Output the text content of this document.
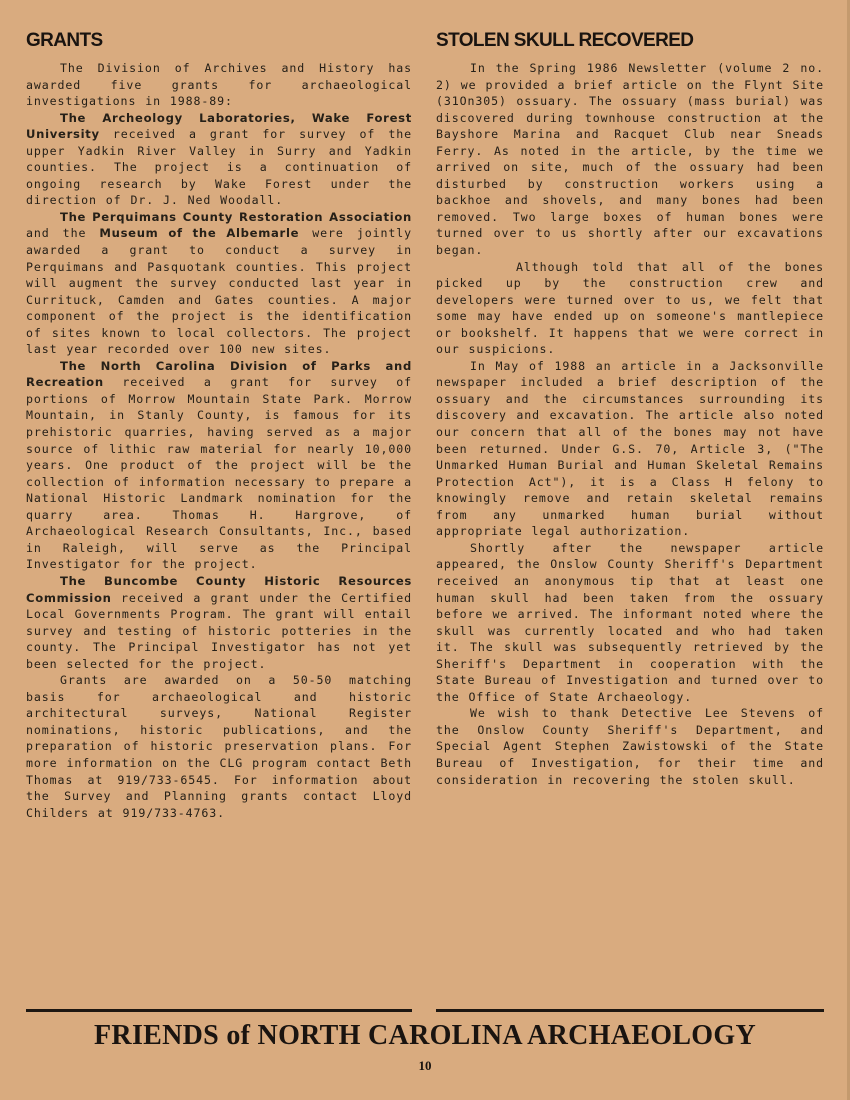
GRANTS

The Division of Archives and History has awarded five grants for archaeological investigations in 1988-89:

The Archeology Laboratories, Wake Forest University received a grant for survey of the upper Yadkin River Valley in Surry and Yadkin counties. The project is a continuation of ongoing research by Wake Forest under the direction of Dr. J. Ned Woodall.

The Perquimans County Restoration Association and the Museum of the Albemarle were jointly awarded a grant to conduct a survey in Perquimans and Pasquotank counties. This project will augment the survey conducted last year in Currituck, Camden and Gates counties. A major component of the project is the identification of sites known to local collectors. The project last year recorded over 100 new sites.

The North Carolina Division of Parks and Recreation received a grant for survey of portions of Morrow Mountain State Park. Morrow Mountain, in Stanly County, is famous for its prehistoric quarries, having served as a major source of lithic raw material for nearly 10,000 years. One product of the project will be the collection of information necessary to prepare a National Historic Landmark nomination for the quarry area. Thomas H. Hargrove, of Archaeological Research Consultants, Inc., based in Raleigh, will serve as the Principal Investigator for the project.

The Buncombe County Historic Resources Commission received a grant under the Certified Local Governments Program. The grant will entail survey and testing of historic potteries in the county. The Principal Investigator has not yet been selected for the project.

Grants are awarded on a 50-50 matching basis for archaeological and historic architectural surveys, National Register nominations, historic publications, and the preparation of historic preservation plans. For more information on the CLG program contact Beth Thomas at 919/733-6545. For information about the Survey and Planning grants contact Lloyd Childers at 919/733-4763.

STOLEN SKULL RECOVERED

In the Spring 1986 Newsletter (volume 2 no. 2) we provided a brief article on the Flynt Site (31On305) ossuary. The ossuary (mass burial) was discovered during townhouse construction at the Bayshore Marina and Racquet Club near Sneads Ferry. As noted in the article, by the time we arrived on site, much of the ossuary had been disturbed by construction workers using a backhoe and shovels, and many bones had been removed. Two large boxes of human bones were turned over to us shortly after our excavations began.

Although told that all of the bones picked up by the construction crew and developers were turned over to us, we felt that some may have ended up on someone's mantlepiece or bookshelf. It happens that we were correct in our suspicions.

In May of 1988 an article in a Jacksonville newspaper included a brief description of the ossuary and the circumstances surrounding its discovery and excavation. The article also noted our concern that all of the bones may not have been returned. Under G.S. 70, Article 3, ("The Unmarked Human Burial and Human Skeletal Remains Protection Act"), it is a Class H felony to knowingly remove and retain skeletal remains from any unmarked human burial without appropriate legal authorization.

Shortly after the newspaper article appeared, the Onslow County Sheriff's Department received an anonymous tip that at least one human skull had been taken from the ossuary before we arrived. The informant noted where the skull was currently located and who had taken it. The skull was subsequently retrieved by the Sheriff's Department in cooperation with the State Bureau of Investigation and turned over to the Office of State Archaeology.

We wish to thank Detective Lee Stevens of the Onslow County Sheriff's Department, and Special Agent Stephen Zawistowski of the State Bureau of Investigation, for their time and consideration in recovering the stolen skull.

FRIENDS of NORTH CAROLINA ARCHAEOLOGY
10
